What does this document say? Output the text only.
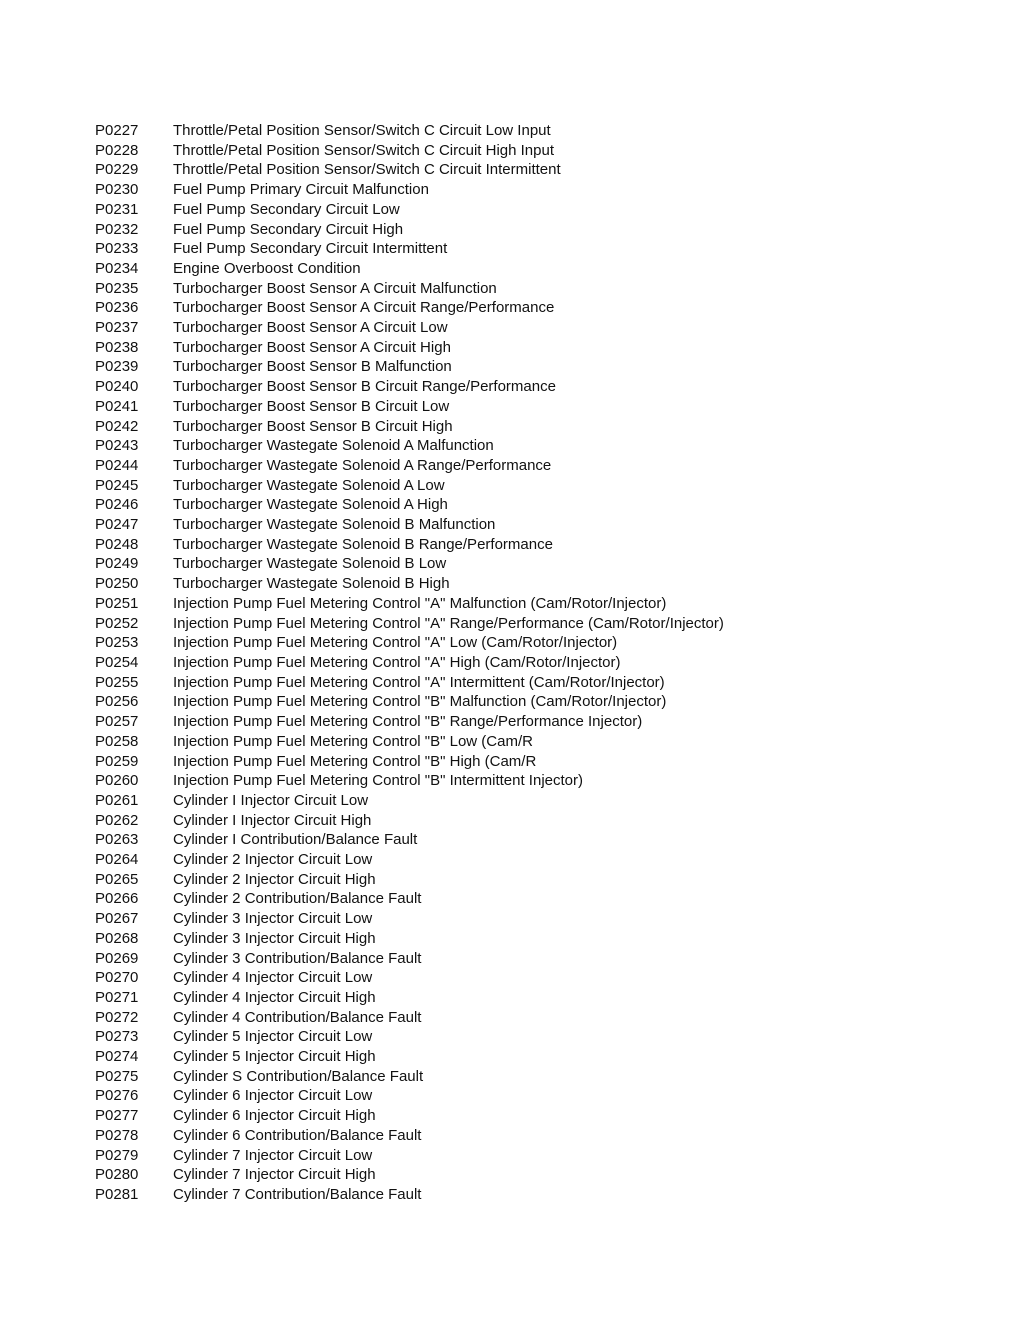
P0227	Throttle/Petal Position Sensor/Switch C Circuit Low Input
P0228	Throttle/Petal Position Sensor/Switch C Circuit High Input
P0229	Throttle/Petal Position Sensor/Switch C Circuit Intermittent
P0230	Fuel Pump Primary Circuit Malfunction
P0231	Fuel Pump Secondary Circuit Low
P0232	Fuel Pump Secondary Circuit High
P0233	Fuel Pump Secondary Circuit Intermittent
P0234	Engine Overboost Condition
P0235	Turbocharger Boost Sensor A Circuit Malfunction
P0236	Turbocharger Boost Sensor A Circuit Range/Performance
P0237	Turbocharger Boost Sensor A Circuit Low
P0238	Turbocharger Boost Sensor A Circuit High
P0239	Turbocharger Boost Sensor B Malfunction
P0240	Turbocharger Boost Sensor B Circuit Range/Performance
P0241	Turbocharger Boost Sensor B Circuit Low
P0242	Turbocharger Boost Sensor B Circuit High
P0243	Turbocharger Wastegate Solenoid A Malfunction
P0244	Turbocharger Wastegate Solenoid A Range/Performance
P0245	Turbocharger Wastegate Solenoid A Low
P0246	Turbocharger Wastegate Solenoid A High
P0247	Turbocharger Wastegate Solenoid B Malfunction
P0248	Turbocharger Wastegate Solenoid B Range/Performance
P0249	Turbocharger Wastegate Solenoid B Low
P0250	Turbocharger Wastegate Solenoid B High
P0251	Injection Pump Fuel Metering Control "A" Malfunction (Cam/Rotor/Injector)
P0252	Injection Pump Fuel Metering Control "A" Range/Performance (Cam/Rotor/Injector)
P0253	Injection Pump Fuel Metering Control "A" Low (Cam/Rotor/Injector)
P0254	Injection Pump Fuel Metering Control "A" High (Cam/Rotor/Injector)
P0255	Injection Pump Fuel Metering Control "A" Intermittent (Cam/Rotor/Injector)
P0256	Injection Pump Fuel Metering Control "B" Malfunction (Cam/Rotor/Injector)
P0257	Injection Pump Fuel Metering Control "B" Range/Performance Injector)
P0258	Injection Pump Fuel Metering Control "B" Low (Cam/R
P0259	Injection Pump Fuel Metering Control "B" High (Cam/R
P0260	Injection Pump Fuel Metering Control "B" Intermittent Injector)
P0261	Cylinder I Injector Circuit Low
P0262	Cylinder I Injector Circuit High
P0263	Cylinder I Contribution/Balance Fault
P0264	Cylinder 2 Injector Circuit Low
P0265	Cylinder 2 Injector Circuit High
P0266	Cylinder 2 Contribution/Balance Fault
P0267	Cylinder 3 Injector Circuit Low
P0268	Cylinder 3 Injector Circuit High
P0269	Cylinder 3 Contribution/Balance Fault
P0270	Cylinder 4 Injector Circuit Low
P0271	Cylinder 4 Injector Circuit High
P0272	Cylinder 4 Contribution/Balance Fault
P0273	Cylinder 5 Injector Circuit Low
P0274	Cylinder 5 Injector Circuit High
P0275	Cylinder S Contribution/Balance Fault
P0276	Cylinder 6 Injector Circuit Low
P0277	Cylinder 6 Injector Circuit High
P0278	Cylinder 6 Contribution/Balance Fault
P0279	Cylinder 7 Injector Circuit Low
P0280	Cylinder 7 Injector Circuit High
P0281	Cylinder 7 Contribution/Balance Fault
